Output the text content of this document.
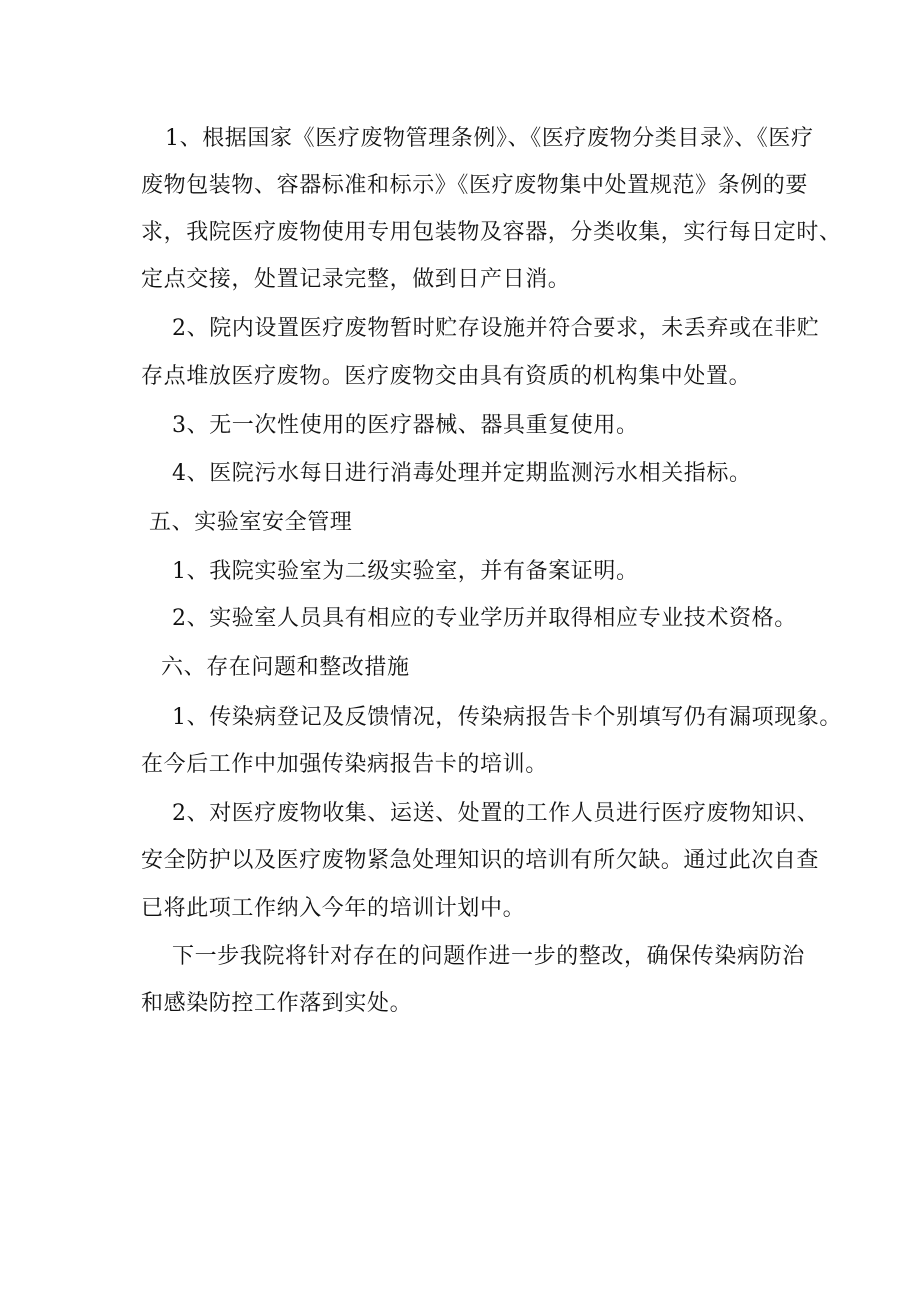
1、根据国家《医疗废物管理条例》、《医疗废物分类目录》、《医疗
废物包装物、容器标准和标示》《医疗废物集中处置规范》条例的要
求，我院医疗废物使用专用包装物及容器，分类收集，实行每日定时、
定点交接，处置记录完整，做到日产日消。
2、院内设置医疗废物暂时贮存设施并符合要求，未丢弃或在非贮
存点堆放医疗废物。医疗废物交由具有资质的机构集中处置。
3、无一次性使用的医疗器械、器具重复使用。
4、医院污水每日进行消毒处理并定期监测污水相关指标。
五、实验室安全管理
1、我院实验室为二级实验室，并有备案证明。
2、实验室人员具有相应的专业学历并取得相应专业技术资格。
六、存在问题和整改措施
1、传染病登记及反馈情况，传染病报告卡个别填写仍有漏项现象。
在今后工作中加强传染病报告卡的培训。
2、对医疗废物收集、运送、处置的工作人员进行医疗废物知识、
安全防护以及医疗废物紧急处理知识的培训有所欠缺。通过此次自查
已将此项工作纳入今年的培训计划中。
下一步我院将针对存在的问题作进一步的整改，确保传染病防治
和感染防控工作落到实处。
